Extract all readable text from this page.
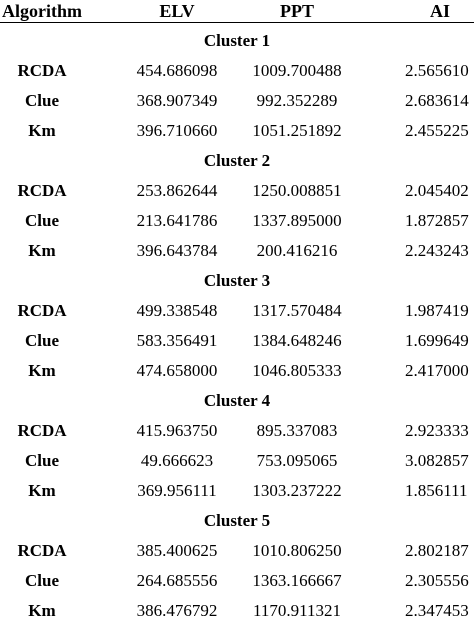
Algorithm	ELV	PPT	AI
Cluster 1
RCDA	454.686098	1009.700488	2.565610
Clue	368.907349	992.352289	2.683614
Km	396.710660	1051.251892	2.455225
Cluster 2
RCDA	253.862644	1250.008851	2.045402
Clue	213.641786	1337.895000	1.872857
Km	396.643784	200.416216	2.243243
Cluster 3
RCDA	499.338548	1317.570484	1.987419
Clue	583.356491	1384.648246	1.699649
Km	474.658000	1046.805333	2.417000
Cluster 4
RCDA	415.963750	895.337083	2.923333
Clue	49.666623	753.095065	3.082857
Km	369.956111	1303.237222	1.856111
Cluster 5
RCDA	385.400625	1010.806250	2.802187
Clue	264.685556	1363.166667	2.305556
Km	386.476792	1170.911321	2.347453
